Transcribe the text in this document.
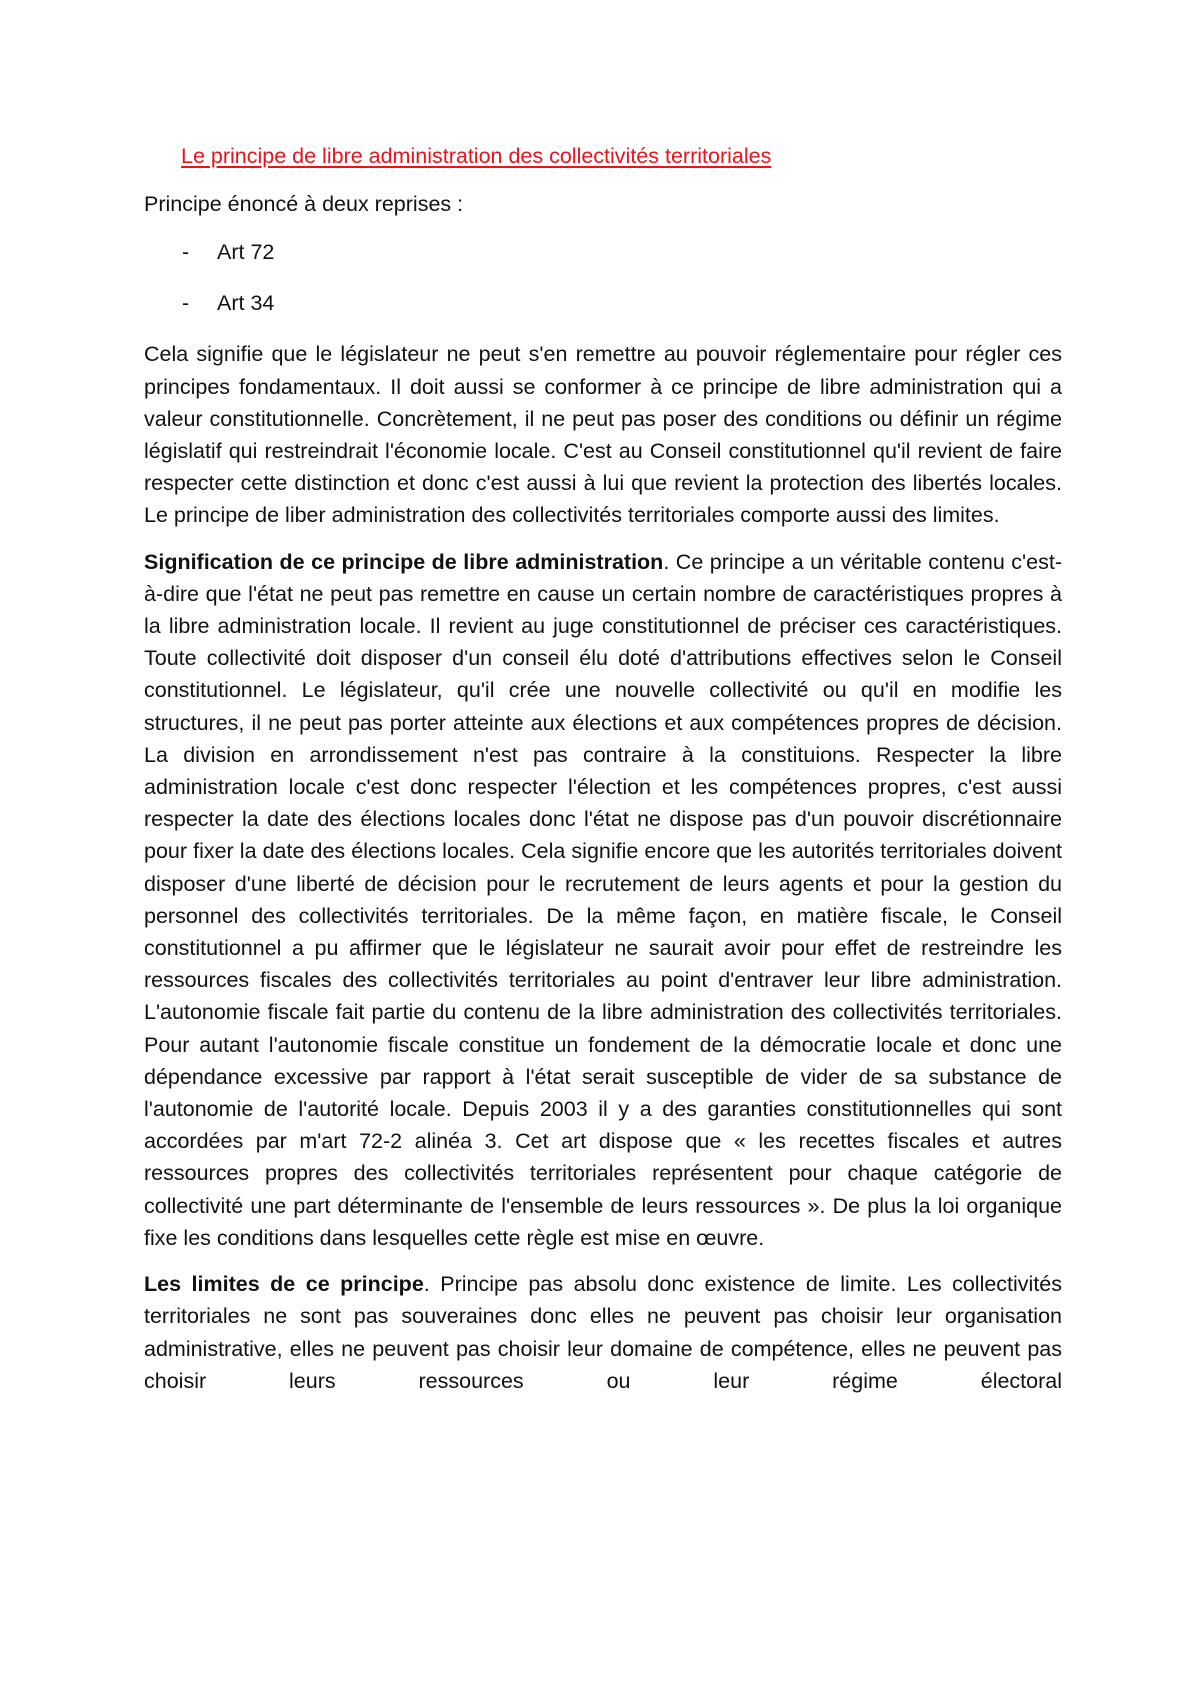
Le principe de libre administration des collectivités territoriales

Principe énoncé à deux reprises :

- Art 72
- Art 34

Cela signifie que le législateur ne peut s'en remettre au pouvoir réglementaire pour régler ces principes fondamentaux. Il doit aussi se conformer à ce principe de libre administration qui a valeur constitutionnelle. Concrètement, il ne peut pas poser des conditions ou définir un régime législatif qui restreindrait l'économie locale. C'est au Conseil constitutionnel qu'il revient de faire respecter cette distinction et donc c'est aussi à lui que revient la protection des libertés locales. Le principe de liber administration des collectivités territoriales comporte aussi des limites.

Signification de ce principe de libre administration. Ce principe a un véritable contenu c'est-à-dire que l'état ne peut pas remettre en cause un certain nombre de caractéristiques propres à la libre administration locale. Il revient au juge constitutionnel de préciser ces caractéristiques. Toute collectivité doit disposer d'un conseil élu doté d'attributions effectives selon le Conseil constitutionnel. Le législateur, qu'il crée une nouvelle collectivité ou qu'il en modifie les structures, il ne peut pas porter atteinte aux élections et aux compétences propres de décision. La division en arrondissement n'est pas contraire à la constituions. Respecter la libre administration locale c'est donc respecter l'élection et les compétences propres, c'est aussi respecter la date des élections locales donc l'état ne dispose pas d'un pouvoir discrétionnaire pour fixer la date des élections locales. Cela signifie encore que les autorités territoriales doivent disposer d'une liberté de décision pour le recrutement de leurs agents et pour la gestion du personnel des collectivités territoriales. De la même façon, en matière fiscale, le Conseil constitutionnel a pu affirmer que le législateur ne saurait avoir pour effet de restreindre les ressources fiscales des collectivités territoriales au point d'entraver leur libre administration. L'autonomie fiscale fait partie du contenu de la libre administration des collectivités territoriales. Pour autant l'autonomie fiscale constitue un fondement de la démocratie locale et donc une dépendance excessive par rapport à l'état serait susceptible de vider de sa substance de l'autonomie de l'autorité locale. Depuis 2003 il y a des garanties constitutionnelles qui sont accordées par m'art 72-2 alinéa 3. Cet art dispose que « les recettes fiscales et autres ressources propres des collectivités territoriales représentent pour chaque catégorie de collectivité une part déterminante de l'ensemble de leurs ressources ». De plus la loi organique fixe les conditions dans lesquelles cette règle est mise en œuvre.

Les limites de ce principe. Principe pas absolu donc existence de limite. Les collectivités territoriales ne sont pas souveraines donc elles ne peuvent pas choisir leur organisation administrative, elles ne peuvent pas choisir leur domaine de compétence, elles ne peuvent pas choisir leurs ressources ou leur régime électoral
